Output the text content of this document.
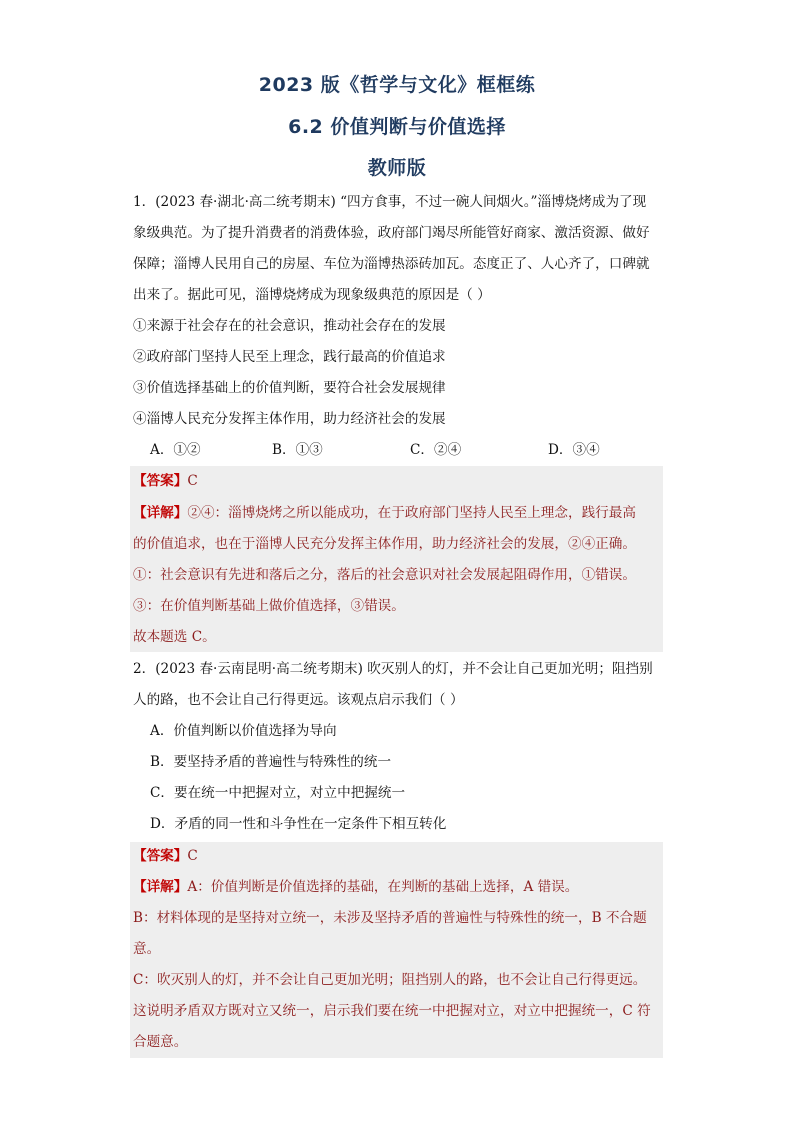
2023 版《哲学与文化》框框练
6.2 价值判断与价值选择
教师版
1．(2023 春·湖北·高二统考期末) “四方食事，不过一碗人间烟火。”淄博烧烤成为了现
象级典范。为了提升消费者的消费体验，政府部门竭尽所能管好商家、激活资源、做好
保障；淄博人民用自己的房屋、车位为淄博热添砖加瓦。态度正了、人心齐了，口碑就
出来了。据此可见，淄博烧烤成为现象级典范的原因是（ ）
①来源于社会存在的社会意识，推动社会存在的发展
②政府部门坚持人民至上理念，践行最高的价值追求
③价值选择基础上的价值判断，要符合社会发展规律
④淄博人民充分发挥主体作用，助力经济社会的发展
A．①②	B．①③	C．②④	D．③④
【答案】C
【详解】②④：淄博烧烤之所以能成功，在于政府部门坚持人民至上理念，践行最高
的价值追求，也在于淄博人民充分发挥主体作用，助力经济社会的发展，②④正确。
①：社会意识有先进和落后之分，落后的社会意识对社会发展起阻碍作用，①错误。
③：在价值判断基础上做价值选择，③错误。
故本题选 C。
2．(2023 春·云南昆明·高二统考期末) 吹灭别人的灯，并不会让自己更加光明；阻挡别
人的路，也不会让自己行得更远。该观点启示我们（ ）
A．价值判断以价值选择为导向
B．要坚持矛盾的普遍性与特殊性的统一
C．要在统一中把握对立，对立中把握统一
D．矛盾的同一性和斗争性在一定条件下相互转化
【答案】C
【详解】A：价值判断是价值选择的基础，在判断的基础上选择，A 错误。
B：材料体现的是坚持对立统一，未涉及坚持矛盾的普遍性与特殊性的统一，B 不合题
意。
C：吹灭别人的灯，并不会让自己更加光明；阻挡别人的路，也不会让自己行得更远。
这说明矛盾双方既对立又统一，启示我们要在统一中把握对立，对立中把握统一，C 符
合题意。
